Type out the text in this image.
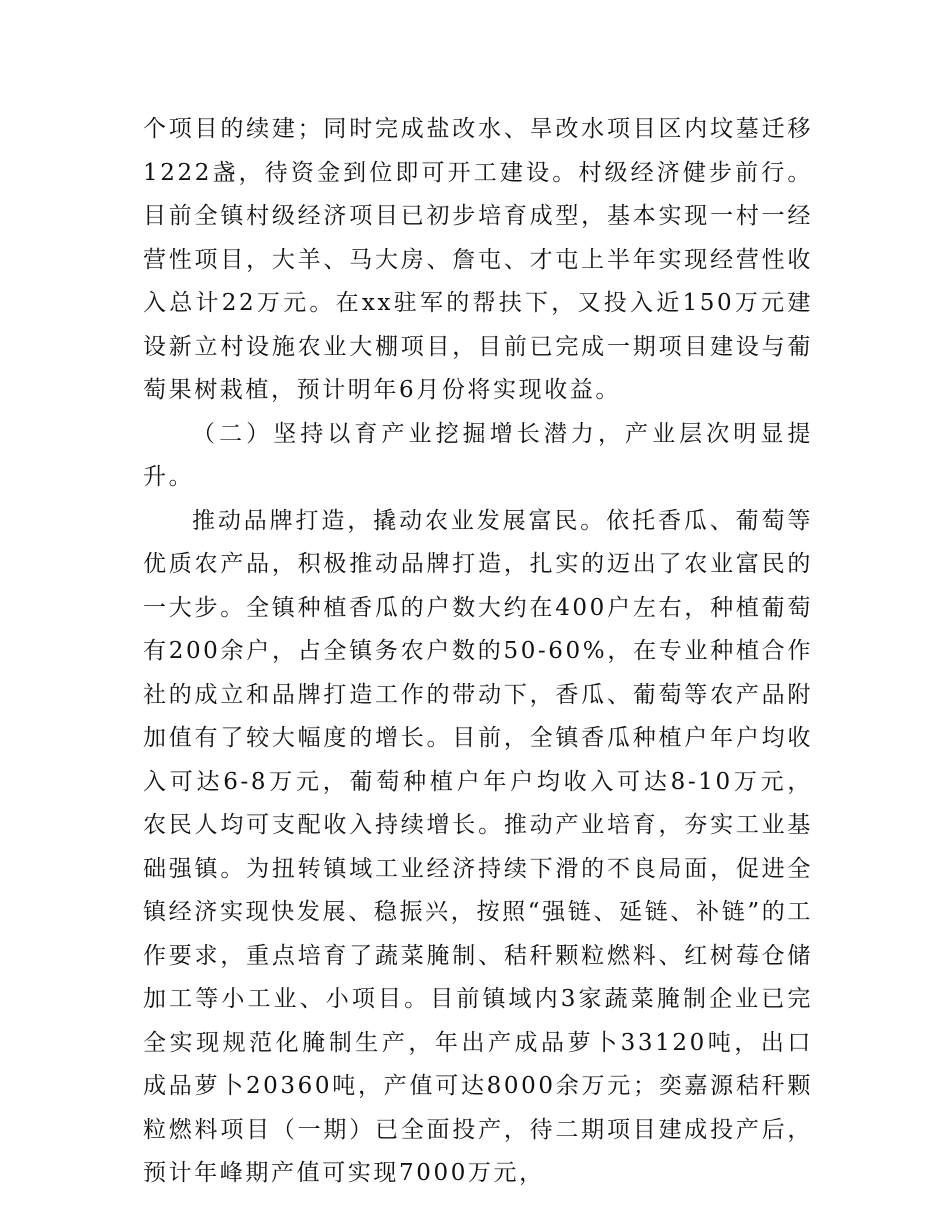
个项目的续建；同时完成盐改水、旱改水项目区内坟墓迁移1222盏，待资金到位即可开工建设。村级经济健步前行。目前全镇村级经济项目已初步培育成型，基本实现一村一经营性项目，大羊、马大房、詹屯、才屯上半年实现经营性收入总计22万元。在xx驻军的帮扶下，又投入近150万元建设新立村设施农业大棚项目，目前已完成一期项目建设与葡萄果树栽植，预计明年6月份将实现收益。

（二）坚持以育产业挖掘增长潜力，产业层次明显提升。

推动品牌打造，撬动农业发展富民。依托香瓜、葡萄等优质农产品，积极推动品牌打造，扎实的迈出了农业富民的一大步。全镇种植香瓜的户数大约在400户左右，种植葡萄有200余户，占全镇务农户数的50-60%，在专业种植合作社的成立和品牌打造工作的带动下，香瓜、葡萄等农产品附加值有了较大幅度的增长。目前，全镇香瓜种植户年户均收入可达6-8万元，葡萄种植户年户均收入可达8-10万元，农民人均可支配收入持续增长。推动产业培育，夯实工业基础强镇。为扭转镇域工业经济持续下滑的不良局面，促进全镇经济实现快发展、稳振兴，按照“强链、延链、补链”的工作要求，重点培育了蔬菜腌制、秸秆颗粒燃料、红树莓仓储加工等小工业、小项目。目前镇域内3家蔬菜腌制企业已完全实现规范化腌制生产，年出产成品萝卜33120吨，出口成品萝卜20360吨，产值可达8000余万元；奕嘉源秸秆颗粒燃料项目（一期）已全面投产，待二期项目建成投产后，预计年峰期产值可实现7000万元，
